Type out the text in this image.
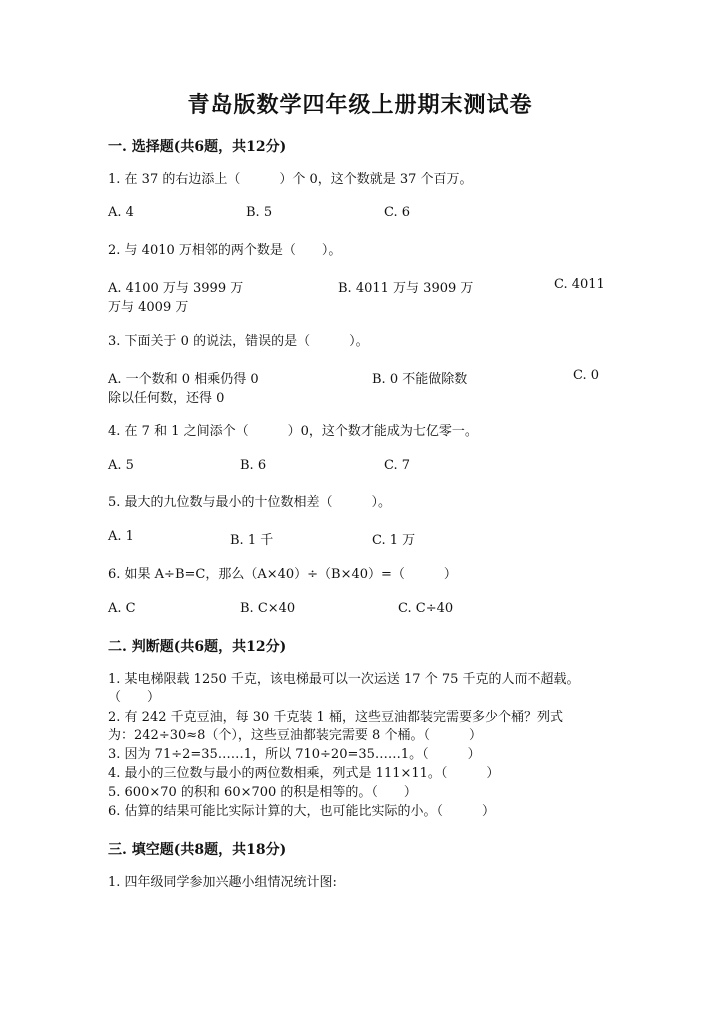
青岛版数学四年级上册期末测试卷
一. 选择题(共6题，共12分)
1. 在 37 的右边添上（　　　）个 0，这个数就是 37 个百万。
A. 4	B. 5	C. 6
2. 与 4010 万相邻的两个数是（　　）。
A. 4100 万与 3999 万	B. 4011 万与 3909 万	C. 4011
万与 4009 万
3. 下面关于 0 的说法，错误的是（　　　）。
A. 一个数和 0 相乘仍得 0	B. 0 不能做除数	C. 0
除以任何数，还得 0
4. 在 7 和 1 之间添个（　　　）0，这个数才能成为七亿零一。
A. 5	B. 6	C. 7
5. 最大的九位数与最小的十位数相差（　　　）。
A. 1	B. 1 千	C. 1 万
6. 如果 A÷B=C，那么（A×40）÷（B×40）=（　　　）
A. C	B. C×40	C. C÷40
二. 判断题(共6题，共12分)
1. 某电梯限载 1250 千克，该电梯最可以一次运送 17 个 75 千克的人而不超载。
（　　）
2. 有 242 千克豆油，每 30 千克装 1 桶，这些豆油都装完需要多少个桶？列式
为：242÷30≈8（个），这些豆油都装完需要 8 个桶。（　　　）
3. 因为 71÷2=35……1，所以 710÷20=35……1。（　　　）
4. 最小的三位数与最小的两位数相乘，列式是 111×11。（　　　）
5. 600×70 的积和 60×700 的积是相等的。（　　）
6. 估算的结果可能比实际计算的大，也可能比实际的小。（　　　）
三. 填空题(共8题，共18分)
1. 四年级同学参加兴趣小组情况统计图:
